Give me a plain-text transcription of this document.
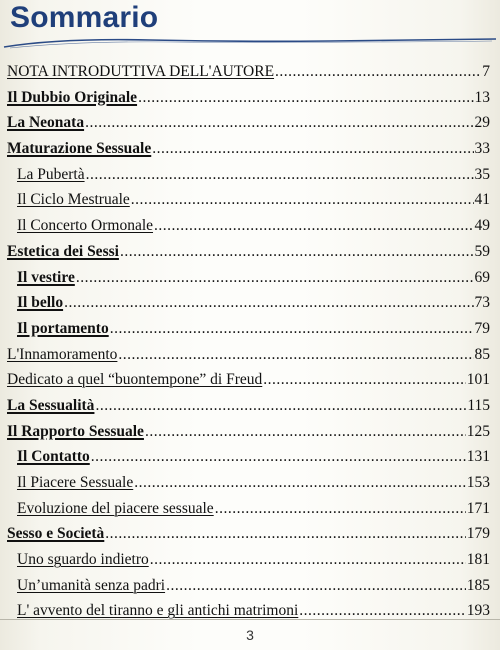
Sommario
NOTA INTRODUTTIVA DELL'AUTORE .....	7
Il Dubbio Originale .....	13
La Neonata .....	29
Maturazione Sessuale .....	33
La Pubertà .....	35
Il Ciclo Mestruale .....	41
Il Concerto Ormonale .....	49
Estetica dei Sessi .....	59
Il vestire .....	69
Il bello .....	73
Il portamento .....	79
L'Innamoramento .....	85
Dedicato a quel “buontempone” di Freud .....	101
La Sessualità .....	115
Il Rapporto Sessuale .....	125
Il Contatto .....	131
Il Piacere Sessuale .....	153
Evoluzione del piacere sessuale .....	171
Sesso e Società .....	179
Uno sguardo indietro .....	181
Un’umanità senza padri .....	185
L' avvento del tiranno e gli antichi matrimoni .....	193
3
